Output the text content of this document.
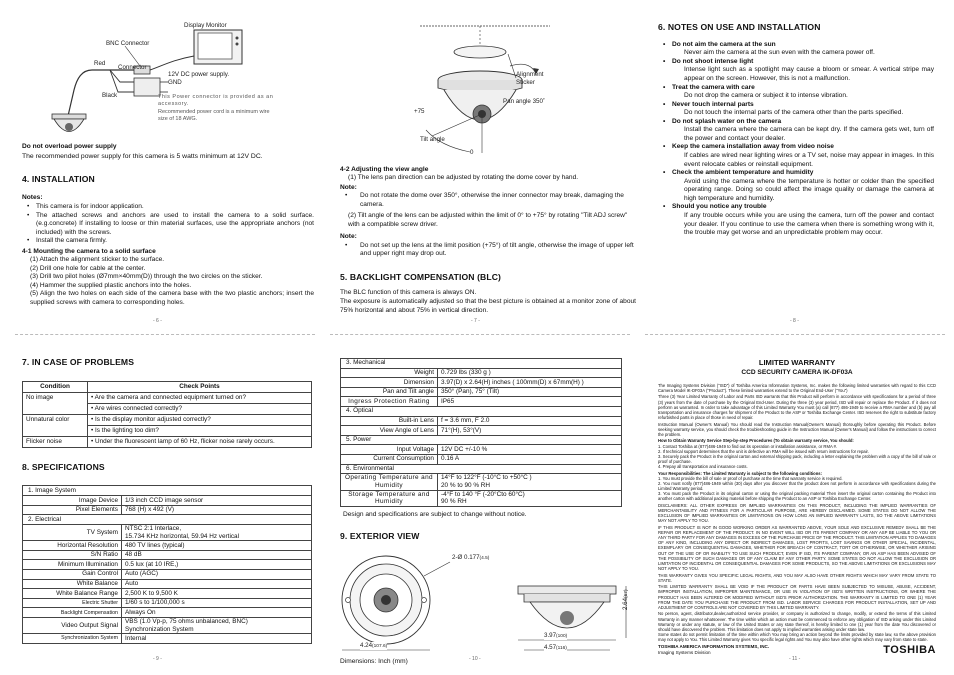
Display Monitor
BNC Connector
Red
Connector
Black
12V DC power supply.
GND
This Power connector is provided as an
accessory.
Recommended power cord is a minimum wire
size of 18 AWG.
Do not overload power supply
The recommended power supply for this camera is 5 watts minimum at 12V DC.
4. INSTALLATION
Notes:
• This camera is for indoor application.
• The attached screws and anchors are used to install the camera to a solid surface. (e.g.concrete) If installing to loose or thin material surfaces, use the appropriate anchors (not included) with the screws.
• Install the camera firmly.
4-1 Mounting the camera to a solid surface
(1) Attach the alignment sticker to the surface.
(2) Drill one hole for cable at the center.
(3) Drill two pilot holes (Ø7mm×40mm(D)) through the two circles on the sticker.
(4) Hammer the supplied plastic anchors into the holes.
(5) Align the two holes on each side of the camera base with the two plastic anchors; insert the supplied screws with camera to corresponding holes.
- 6 -
Alignment Sticker
Pan angle 350˚
+75
Tilt angle
0
4-2 Adjusting the view angle
(1) The lens pan direction can be adjusted by rotating the dome cover by hand.
Note:
• Do not rotate the dome over 350°, otherwise the inner connector may break, damaging the camera.
(2) Tilt angle of the lens can be adjusted within the limit of 0° to +75° by rotating "Tilt ADJ screw" with a compatible screw driver.
Note:
• Do not set up the lens at the limit position (+75°) of tilt angle, otherwise the image of upper left and upper right may drop out.
5. BACKLIGHT COMPENSATION (BLC)
The BLC function of this camera is always ON.
The exposure is automatically adjusted so that the best picture is obtained at a monitor zone of about 75% horizontal and about 75% in vertical direction.
- 7 -
6. NOTES ON USE AND INSTALLATION
• Do not aim the camera at the sun
Never aim the camera at the sun even with the camera power off.
• Do not shoot intense light
Intense light such as a spotlight may cause a bloom or smear. A vertical stripe may appear on the screen. However, this is not a malfunction.
• Treat the camera with care
Do not drop the camera or subject it to intense vibration.
• Never touch internal parts
Do not touch the internal parts of the camera other than the parts specified.
• Do not splash water on the camera
Install the camera where the camera can be kept dry. If the camera gets wet, turn off the power and contact your dealer.
• Keep the camera installation away from video noise
If cables are wired near lighting wires or a TV set, noise may appear in images. In this event relocate cables or reinstall equipment.
• Check the ambient temperature and humidity
Avoid using the camera where the temperature is hotter or colder than the specified operating range. Doing so could affect the image quality or damage the camera at high temperature and humidity.
• Should you notice any trouble
If any trouble occurs while you are using the camera, turn off the power and contact your dealer. If you continue to use the camera when there is something wrong with it, the trouble may get worse and an unpredictable problem may occur.
- 8 -
7. IN CASE OF PROBLEMS
Condition	Check Points
No image	• Are the camera and connected equipment turned on?
• Are wires connected correctly?

Unnatural color	• Is the display monitor adjusted correctly?
• Is the lighting too dim?

Flicker noise	• Under the fluorescent lamp of 60 Hz, flicker noise rarely occurs.
8. SPECIFICATIONS
1. Image System	
Image Device	1/3 inch CCD image sensor

Pixel Elements	768 (H) x 492 (V)

2. Electrical	
TV System	NTSC 2:1 Interlace,
15.734 KHz horizontal, 59.94 Hz vertical

Horizontal Resolution	480 TV lines (typical)

S/N Ratio	48 dB

Minimum Illumination	0.5 lux (at 10 IRE,)

Gain Control	Auto (AGC)

White Balance	Auto

White Balance Range	2,500 K to 9,500 K

Electric Shutter	1/60 s to 1/100,000 s

Backlight Compensation	Always On

Video Output Signal	VBS (1.0 Vp-p, 75 ohms unbalanced, BNC)
Synchronization System

Synchronization System	Internal
- 9 -
3. Mechanical	
Weight	0.729 lbs (330 g )

Dimension	3.97(D) x 2.64(H) inches ( 100mm(D) x 67mm(H) )

Pan and Tilt angle	350° (Pan), 75° (Tilt)

Ingress Protection Rating	IP65

4. Optical	
Built-in Lens	f = 3.6 mm, F 2.0

View Angle of Lens	71°(H), 53°(V)

5. Power	
Input Voltage	12V DC +/-10 %

Current Consumption	0.16 A

6. Environmental	
Operating Temperature and Humidity	14°F to 122°F (-10°C to +50°C )
20 % to 90 % RH

Storage Temperature and Humidity	-4°F to 140 °F (-20°Cto 60°C)
90 % RH
Design and specifications are subject to change without notice.
9. EXTERIOR VIEW
2-Ø 0.177(4.5)
4.24(107.6)
3.97(100)
4.57(116)
2.64(67)
Dimensions: Inch (mm)	- 10 -
LIMITED WARRANTY
CCD SECURITY CAMERA IK-DF03A

The Imaging Systems Division ("ISD") of Toshiba America Information Systems, Inc. makes the following limited warranties with regard to this CCD Camera Model IK-DF03A ("Product"). These limited warranties extend to the Original End-User ("You")

Three (3) Year Limited Warranty of Labor and Parts ISD warrants that this Product will perform in accordance with specifications for a period of three (3) years from the date of purchase by the Original End-User. During the three (3) year period, ISD will repair or replace the Product. If it does not perform as warranted. In order to take advantage of this Limited Warranty You must (a) call (877) 486-1949 to receive a RMA number and (b) pay all transportation and insurance charges for shipment of the Product to the ASP or Toshiba Exchange Center. ISD reserves the right to substitute factory refurbished parts in place of those in need of repair.

Instruction Manual (Owner's Manual) You should read the Instruction Manual(Owner's Manual) thoroughly before operating this Product. Before seeking warranty service, you should check the troubleshooting guide in the Instruction Manual (Owner's Manual) and follow the instructions to correct the problem.

How to Obtain Warranty Service Step-by-step Procedures (To obtain warranty service, You should:

1. Contact Toshiba at (877)486-1949 to find out its operation or installation assistance, or RMA #.

2. If technical support determines that the unit is defective an RMA will be issued with return instructions for repair.

3. Securely pack the Product in the original carton and external shipping pack, including a letter explaining the problem with a copy of the bill of sale or proof of purchase.

4. Prepay all transportation and insurance costs.

Your Responsibilities: The Limited Warranty is subject to the following conditions:

1. You must provide the bill of sale or proof of purchase at the time that warranty service is required.

2. You must notify (877)486-1949 within (30) days after you discover that the product does not perform in accordance with specifications during the Limited Warranty period.

3. You must pack the Product in its original carton or using the original packing material Then insert the original carton containing the Product into another carton with additional packing material before shipping the Product to an ASP or Toshiba Exchange Center.

DISCLAIMERS: ALL OTHER EXPRESS OR IMPLIED WARRANTIES ON THIS PRODUCT, INCLUDING THE IMPLIED WARRANTIES OF MERCHANTABILITY AND FITNESS FOR A PARTICULAR PURPOSE, ARE HEREBY DISCLAIMED. SOME STATES DO NOT ALLOW THE EXCLUSION OF IMPLIED WARRANTIES OR LIMITATIONS ON HOW LONG AN IMPLIED WARRANTY LASTS, SO THE ABOVE LIMITATIONS MAY NOT APPLY TO YOU.

IF THIS PRODUCT IS NOT IN GOOD WORKING ORDER AS WARRANTED ABOVE, YOUR SOLE AND EXCLUSIVE REMEDY SHALL BE THE REPAIR OR REPLACEMENT OF THE PRODUCT. IN NO EVENT WILL ISD OR ITS PARENT COMPANY OR ANY ASP BE LIABLE TO YOU OR ANY THIRD PARTY FOR ANY DAMAGES IN EXCESS OF THE PURCHASE PRICE OF THE PRODUCT. THIS LIMITATION APPLIES TO DAMAGES OF ANY KIND, INCLUDING ANY DIRECT OR INDIRECT DAMAGES, LOST PROFITS, LOST SAVINGS OR OTHER SPECIAL, INCIDENTAL, EXEMPLARY OR CONSEQUENTIAL DAMAGES, WHETHER FOR BREACH OF CONTRACT, TORT OR OTHERWISE, OR WHETHER ARISING OUT OF THE USE OF OR INABILITY TO USE SUCH PRODUCT, EVEN IF ISD, ITS PARENT COMPANY, OR AN ASP HAS BEEN ADVISED OF THE POSSIBILITY OF SUCH DAMAGES OR OF ANY CLAIM BY ANY OTHER PARTY. SOME STATES DO NOT ALLOW THE EXCLUSION OR LIMITATION OF INCIDENTAL OR CONSEQUENTIAL DAMAGES FOR SOME PRODUCTS, SO THE ABOVE LIMITATIONS OR EXCLUSIONS MAY NOT APPLY TO YOU.

THIS WARRANTY GIVES YOU SPECIFIC LEGAL RIGHTS, AND YOU MAY ALSO HAVE OTHER RIGHTS WHICH MAY VARY FROM STATE TO STATE.

THIS LIMITED WARRANTY SHALL BE VOID IF THE PRODUCT OR PARTS HAVE BEEN SUBJECTED TO MISUSE, ABUSE, ACCIDENT, IMPROPER INSTALLATION, IMPROPER MAINTENANCE, OR USE IN VIOLATION OF ISD'S WRITTEN INSTRUCTIONS, OR WHERE THE PRODUCT HAS BEEN ALTERED OR MODIFIED WITHOUT ISD'S PRIOR AUTHORIZATION. THE WARRANTY IS LIMITED TO ONE (1) YEAR FROM THE DATE YOU PURCHASE THE PRODUCT FROM ISD. LABOR SERVICE CHARGES FOR PRODUCT INSTALLATION, SET UP AND ADJUSTMENT OF CONTROLS ARE NOT COVERED BY THIS LIMITED WARRANTY.

No person, agent, distributor,dealer,authorized service provider, or company is authorized to change, modify, or extend the terms of this Limited Warranty in any manner whatsoever. The time within which an action must be commenced to enforce any obligation of ISD arising under this Limited Warranty or under any statute, or law of the United States or any state thereof, is hereby limited to one (1) year from the date You discovered or should have discovered the problem. This limitation does not apply to implied warranties arising under state law.

Some states do not permit limitation of the time within which You may bring an action beyond the limits provided by state law, so the above provision may not apply to You. This Limited Warranty gives You specific legal rights and You may also have other rights which may vary from state to state.

TOSHIBA AMERICA INFORMATION SYSTEMS, INC.
Imaging Systems Division	TOSHIBA
- 11 -
